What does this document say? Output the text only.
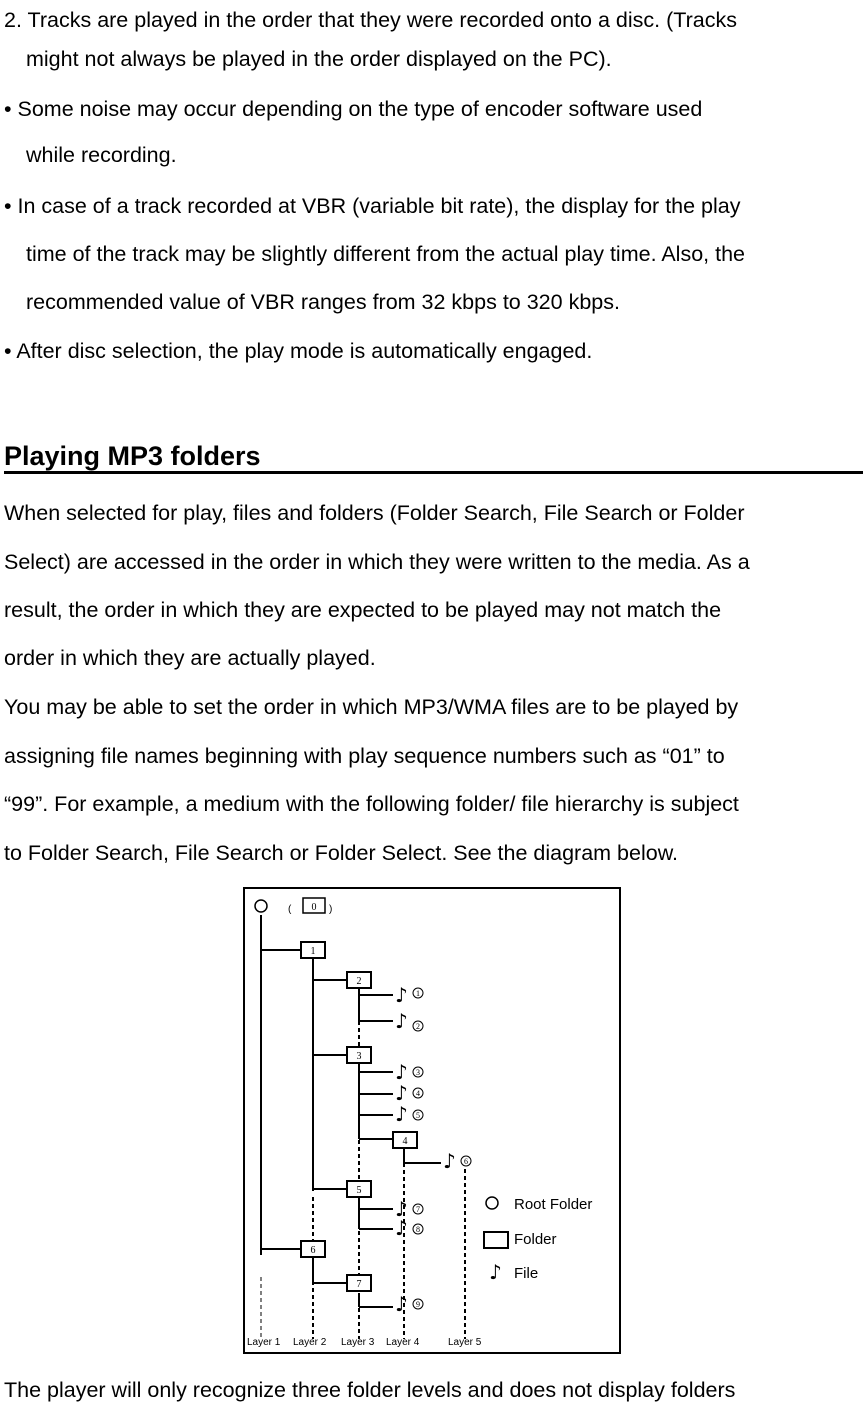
2. Tracks are played in the order that they were recorded onto a disc. (Tracks
might not always be played in the order displayed on the PC).
• Some noise may occur depending on the type of encoder software used
while recording.
• In case of a track recorded at VBR (variable bit rate), the display for the play
time of the track may be slightly different from the actual play time. Also, the
recommended value of VBR ranges from 32 kbps to 320 kbps.
• After disc selection, the play mode is automatically engaged.
Playing MP3 folders
When selected for play, files and folders (Folder Search, File Search or Folder
Select) are accessed in the order in which they were written to the media. As a
result, the order in which they are expected to be played may not match the
order in which they are actually played.
You may be able to set the order in which MP3/WMA files are to be played by
assigning file names beginning with play sequence numbers such as “01” to
“99”. For example, a medium with the following folder/ file hierarchy is subject
to Folder Search, File Search or Folder Select. See the diagram below.
( 0 )
1
2
3
4
5
6
7
♪ 1
♪ 2
♪ 3
♪ 4
♪ 5
♪ 6
♪ 7
♪ 8
♪ 9
Root Folder
Folder
♪ File
Layer 1 Layer 2 Layer 3 Layer 4	Layer 5
The player will only recognize three folder levels and does not display folders
